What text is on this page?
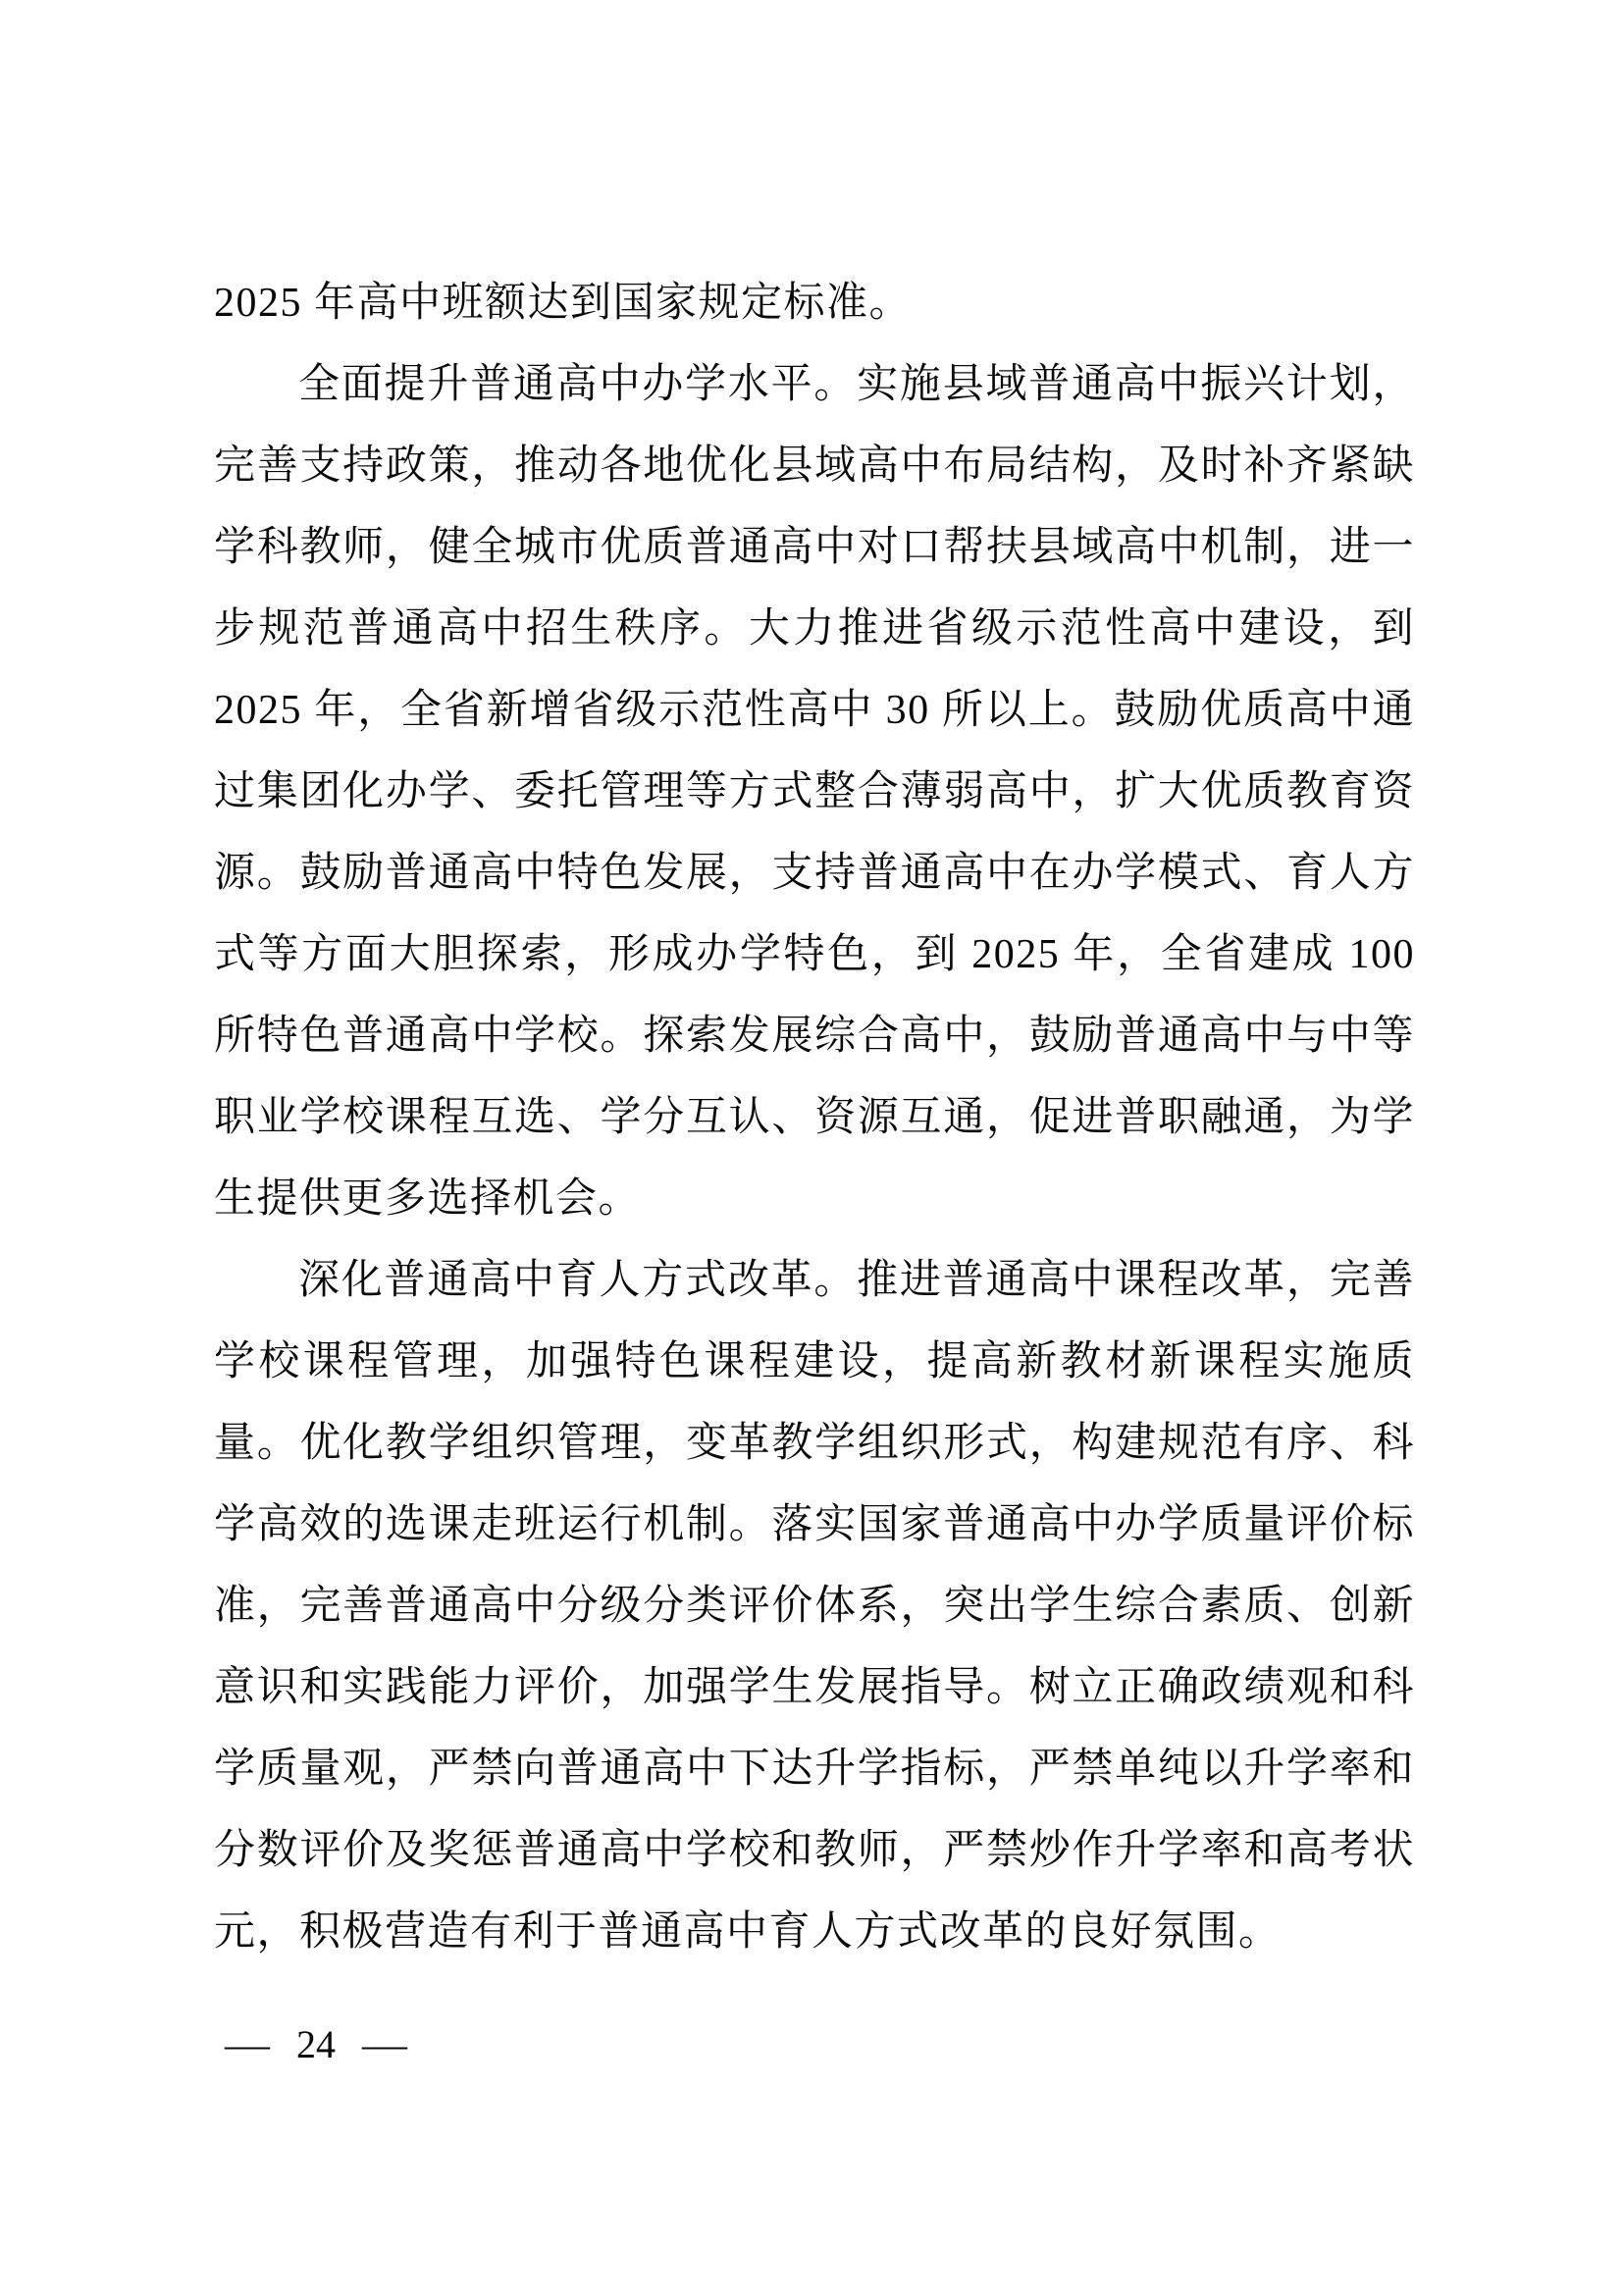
2025 年高中班额达到国家规定标准。
全面提升普通高中办学水平。实施县域普通高中振兴计划，
完善支持政策，推动各地优化县域高中布局结构，及时补齐紧缺
学科教师，健全城市优质普通高中对口帮扶县域高中机制，进一
步规范普通高中招生秩序。大力推进省级示范性高中建设，到
2025 年，全省新增省级示范性高中 30 所以上。鼓励优质高中通
过集团化办学、委托管理等方式整合薄弱高中，扩大优质教育资
源。鼓励普通高中特色发展，支持普通高中在办学模式、育人方
式等方面大胆探索，形成办学特色，到 2025 年，全省建成 100
所特色普通高中学校。探索发展综合高中，鼓励普通高中与中等
职业学校课程互选、学分互认、资源互通，促进普职融通，为学
生提供更多选择机会。
深化普通高中育人方式改革。推进普通高中课程改革，完善
学校课程管理，加强特色课程建设，提高新教材新课程实施质
量。优化教学组织管理，变革教学组织形式，构建规范有序、科
学高效的选课走班运行机制。落实国家普通高中办学质量评价标
准，完善普通高中分级分类评价体系，突出学生综合素质、创新
意识和实践能力评价，加强学生发展指导。树立正确政绩观和科
学质量观，严禁向普通高中下达升学指标，严禁单纯以升学率和
分数评价及奖惩普通高中学校和教师，严禁炒作升学率和高考状
元，积极营造有利于普通高中育人方式改革的良好氛围。
— 24 —
